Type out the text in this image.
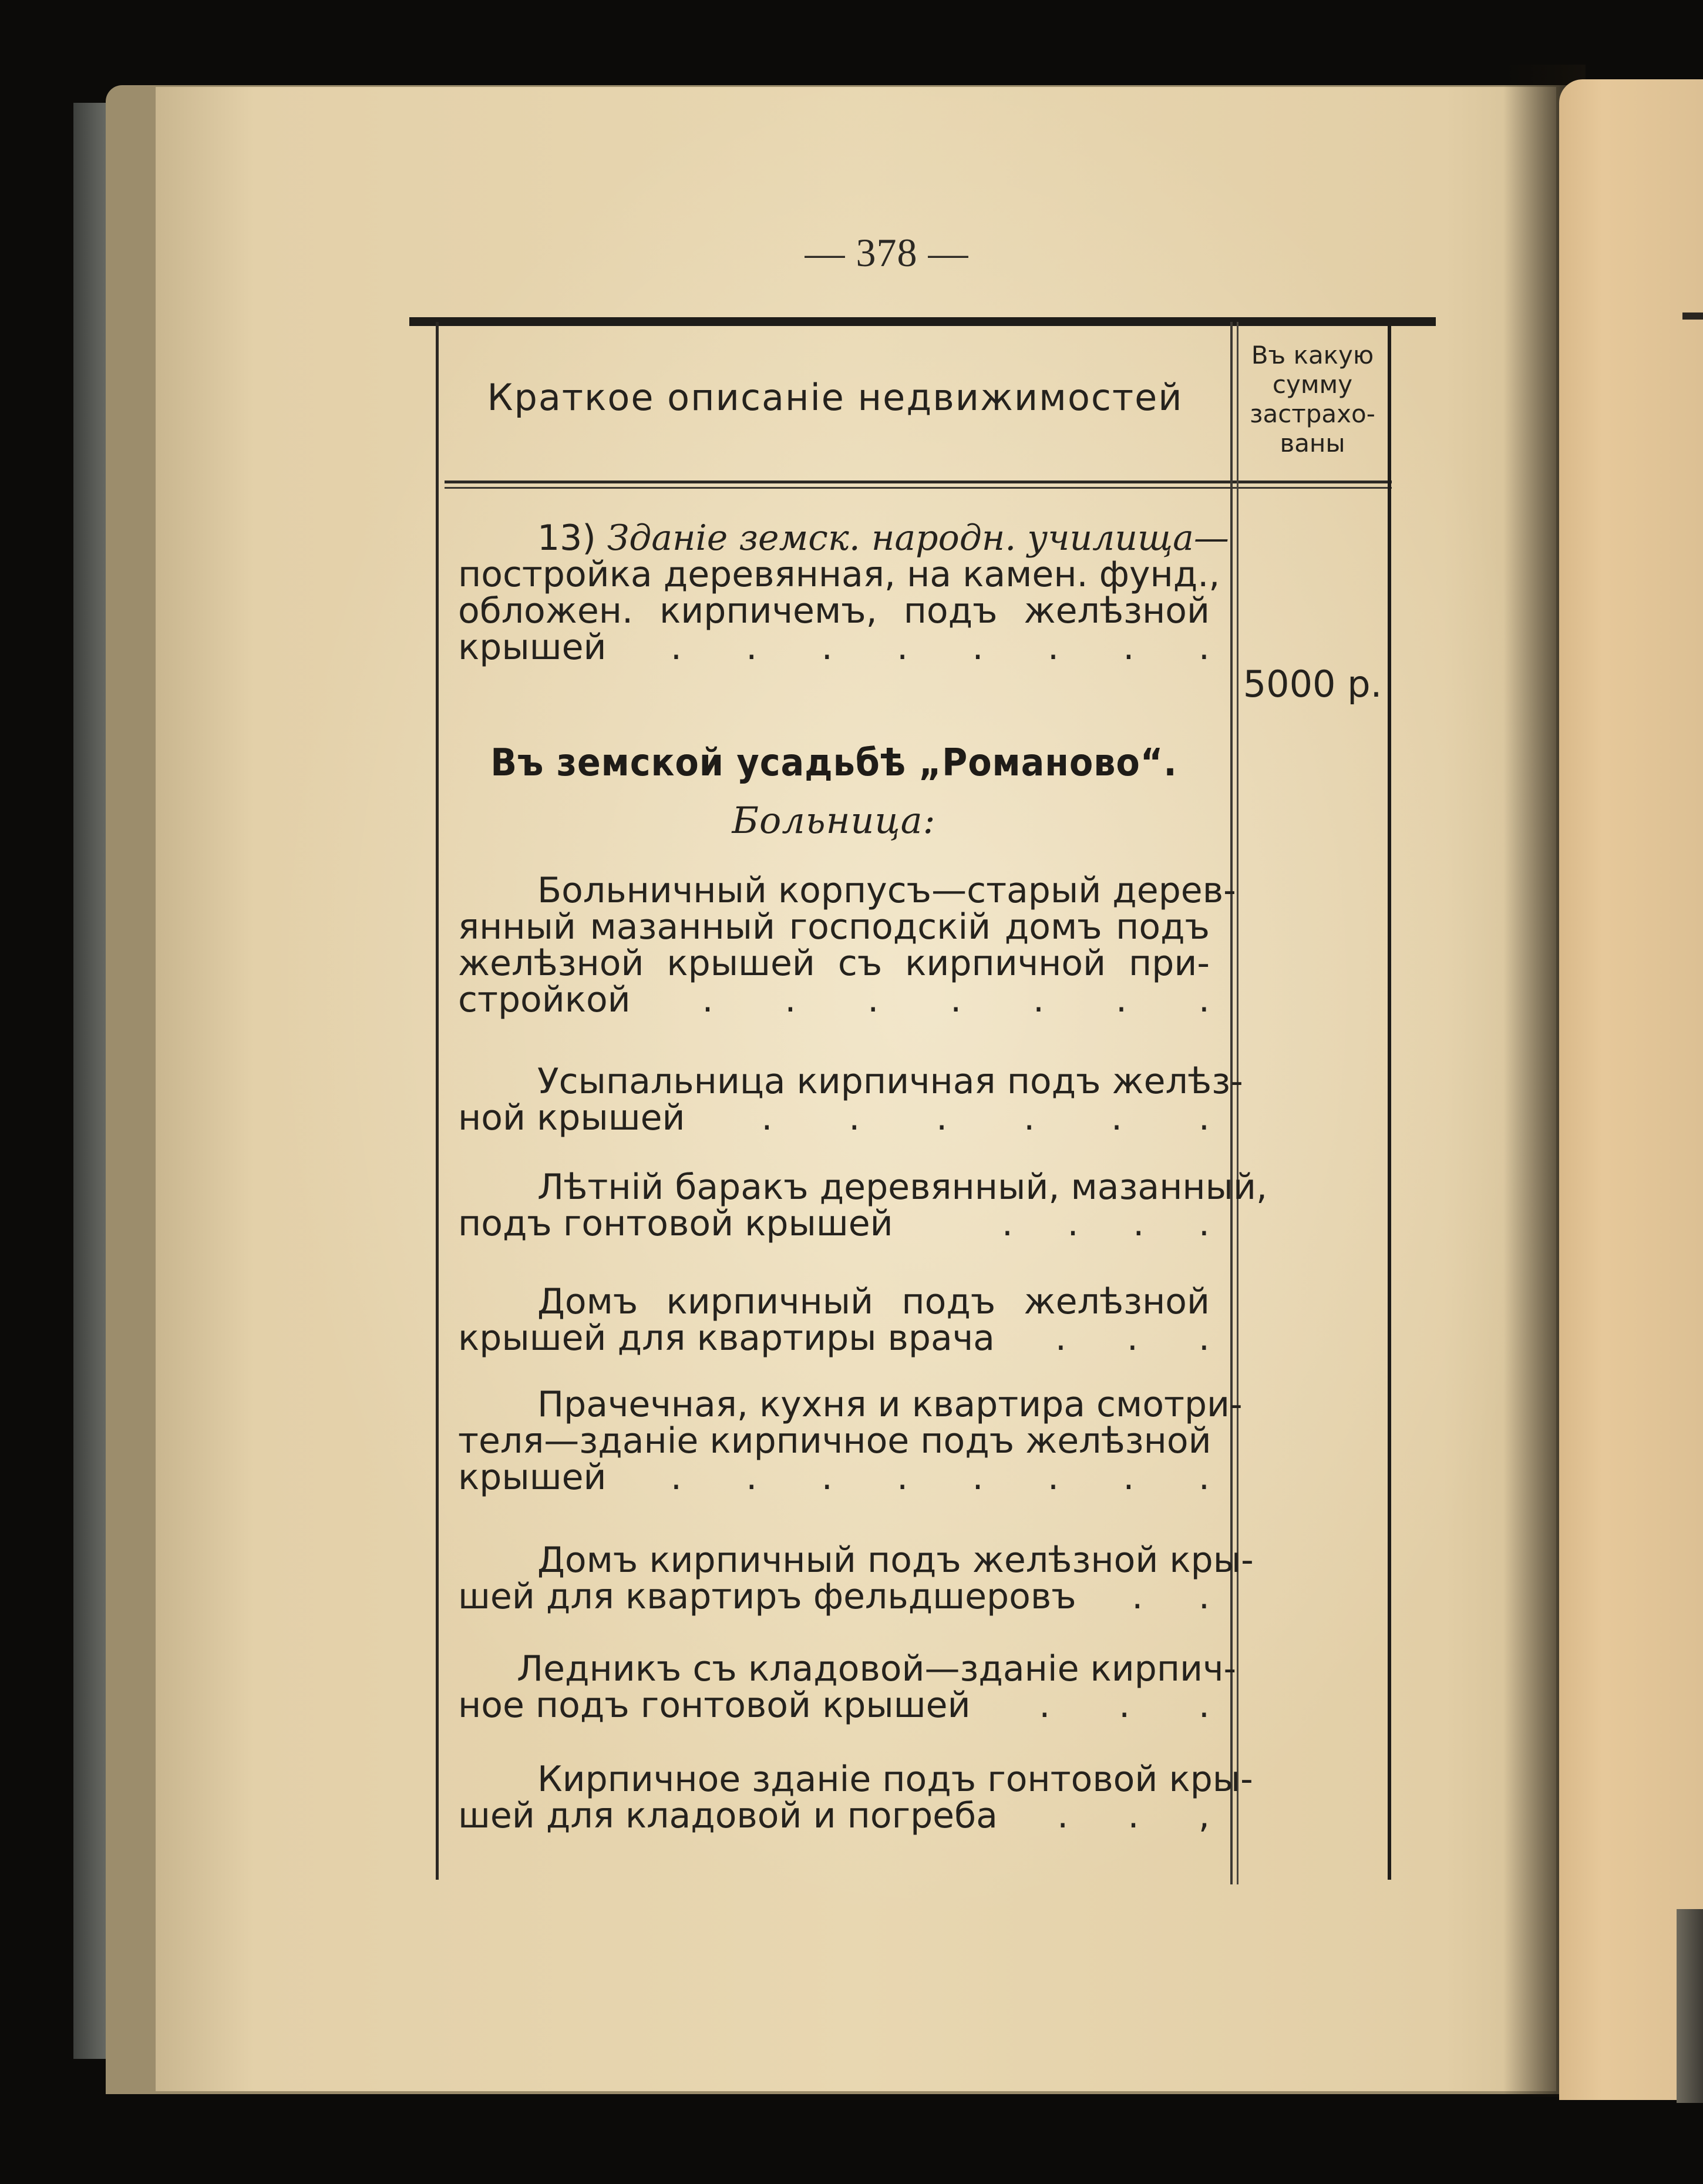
— 378 —
Краткое описанiе недвижимостей
Въ какую
сумму
застрахо-
ваны
13) Зданiе земск. народн. училища—
постройка деревянная, на камен. фунд.,
обложен. кирпичемъ, подъ желѣзной
крышей . . . . . . . .
5000 р.
Въ земской усадьбѣ „Романово“.
Больница:
Больничный корпусъ—старый дерев-
янный мазанный господскiй домъ подъ
желѣзной крышей съ кирпичной при-
стройкой . . . . . . .
Усыпальница кирпичная подъ желѣз-
ной крышей . . . . . .
Лѣтнiй баракъ деревянный, мазанный,
подъ гонтовой крышей	. . . .
Домъ кирпичный подъ желѣзной
крышей для квартиры врача . . .
Прачечная, кухня и квартира смотри-
теля—зданiе кирпичное подъ желѣзной
крышей . . . . . . . .
Домъ кирпичный подъ желѣзной кры-
шей для квартиръ фельдшеровъ . .
Ледникъ съ кладовой—зданiе кирпич-
ное подъ гонтовой крышей . . .
Кирпичное зданiе подъ гонтовой кры-
шей для кладовой и погреба . . ,
